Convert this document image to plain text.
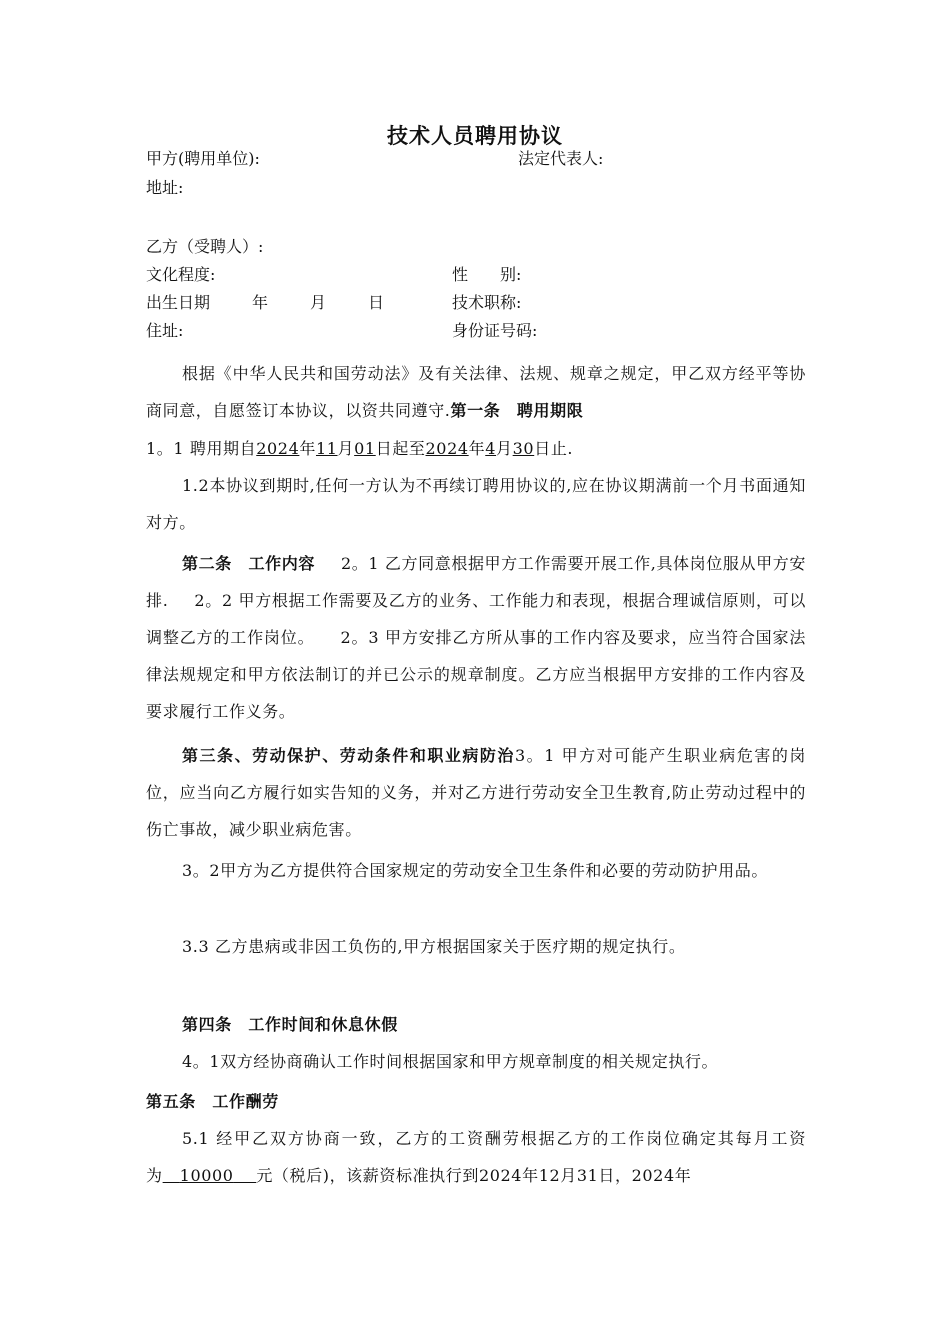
技术人员聘用协议
甲方(聘用单位):	法定代表人:
地址:
乙方（受聘人）:
文化程度:	性　　别:
出生日期	年	月	日	技术职称:
住址:	身份证号码:
根据《中华人民共和国劳动法》及有关法律、法规、规章之规定，甲乙双方经平等协商同意，自愿签订本协议，以资共同遵守.第一条　聘用期限
1。1 聘用期自2024年11月01日起至2024年4月30日止.
1.2本协议到期时,任何一方认为不再续订聘用协议的,应在协议期满前一个月书面通知对方。
第二条　工作内容 2。1 乙方同意根据甲方工作需要开展工作,具体岗位服从甲方安排. 2。2 甲方根据工作需要及乙方的业务、工作能力和表现，根据合理诚信原则，可以调整乙方的工作岗位。 2。3 甲方安排乙方所从事的工作内容及要求，应当符合国家法律法规规定和甲方依法制订的并已公示的规章制度。乙方应当根据甲方安排的工作内容及要求履行工作义务。
第三条、劳动保护、劳动条件和职业病防治3。1 甲方对可能产生职业病危害的岗位，应当向乙方履行如实告知的义务，并对乙方进行劳动安全卫生教育,防止劳动过程中的伤亡事故，减少职业病危害。
3。2甲方为乙方提供符合国家规定的劳动安全卫生条件和必要的劳动防护用品。
3.3 乙方患病或非因工负伤的,甲方根据国家关于医疗期的规定执行。
第四条　工作时间和休息休假
4。1双方经协商确认工作时间根据国家和甲方规章制度的相关规定执行。
第五条　工作酬劳
5.1 经甲乙双方协商一致，乙方的工资酬劳根据乙方的工作岗位确定其每月工资为 10000 元（税后)，该薪资标准执行到2024年12月31日，2024年
